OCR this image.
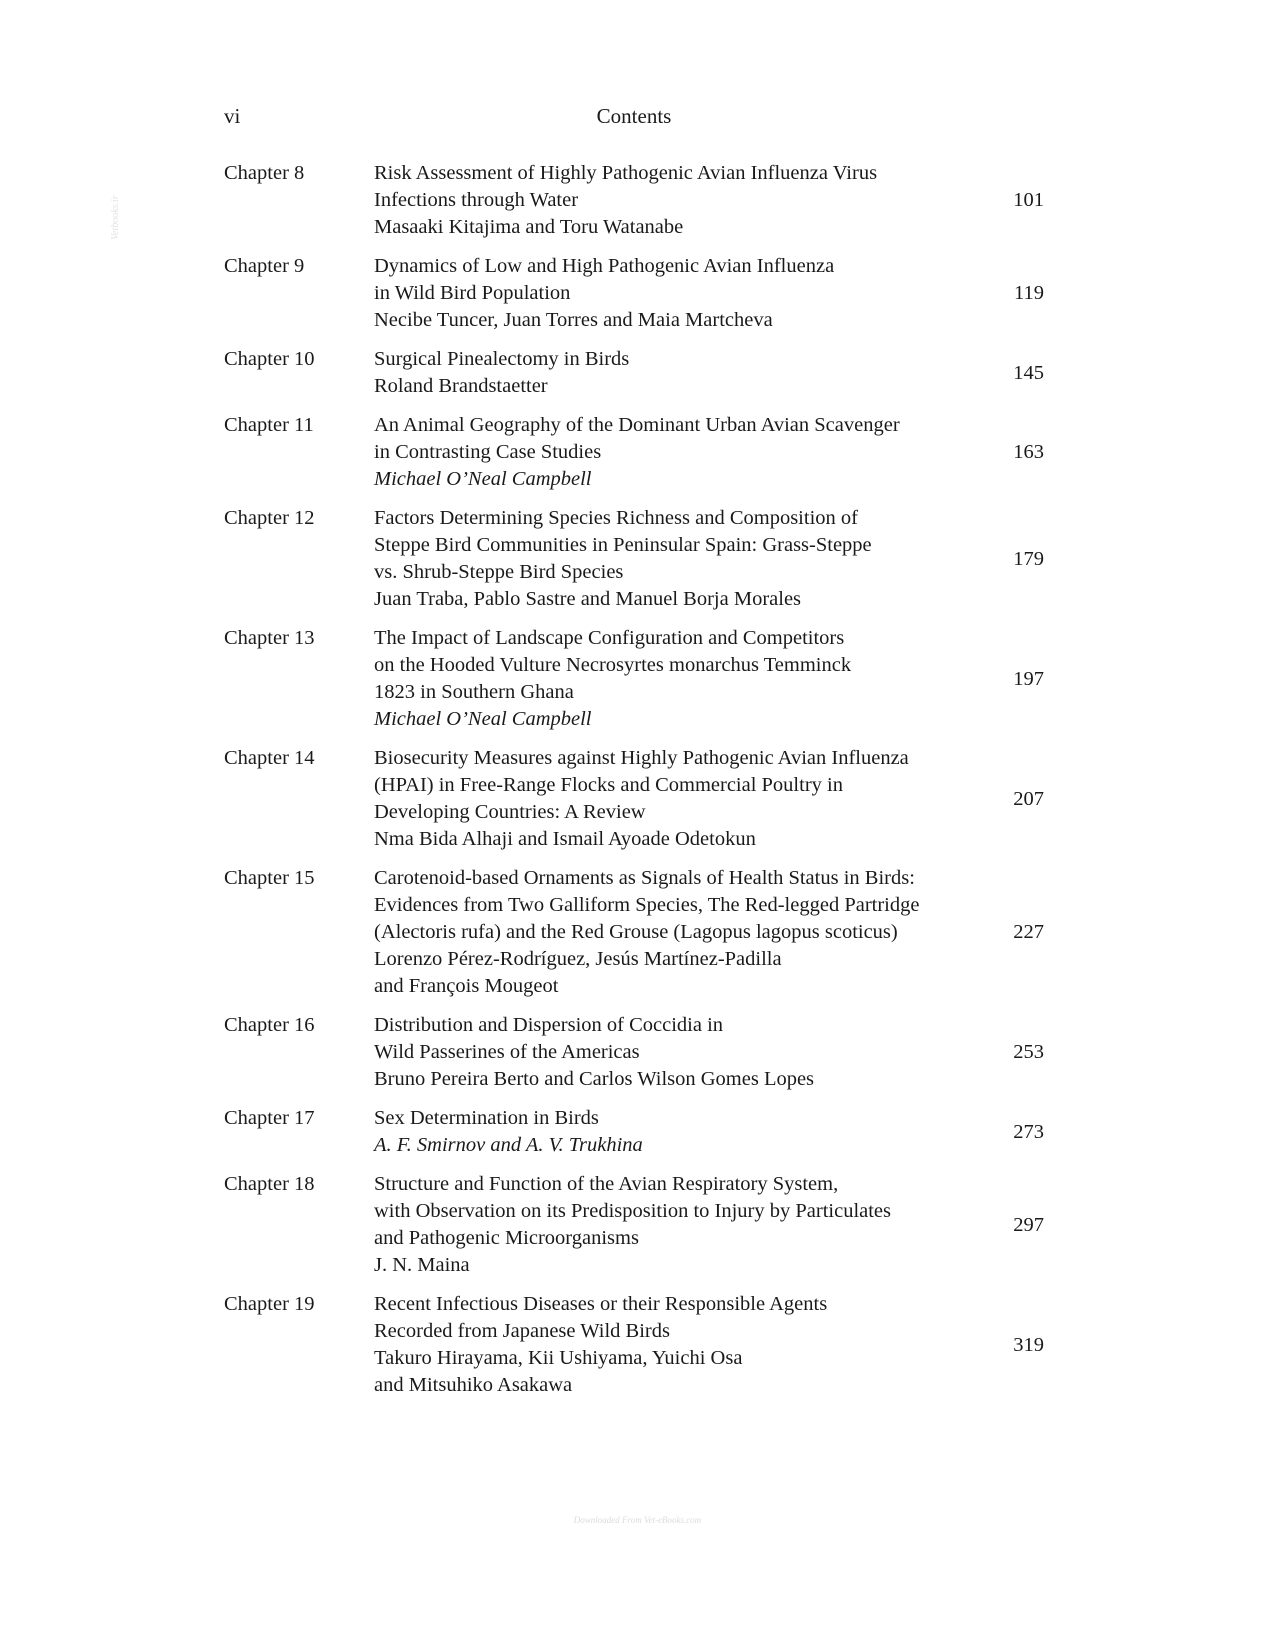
vi	Contents
Vetbooks.ir
Chapter 8	Risk Assessment of Highly Pathogenic Avian Influenza Virus
Infections through Water
Masaaki Kitajima and Toru Watanabe
101
Chapter 9	Dynamics of Low and High Pathogenic Avian Influenza
in Wild Bird Population
Necibe Tuncer, Juan Torres and Maia Martcheva
119
Chapter 10	Surgical Pinealectomy in Birds
Roland Brandstaetter
145
Chapter 11	An Animal Geography of the Dominant Urban Avian Scavenger
in Contrasting Case Studies
Michael O’Neal Campbell
163
Chapter 12	Factors Determining Species Richness and Composition of
Steppe Bird Communities in Peninsular Spain: Grass-Steppe
vs. Shrub-Steppe Bird Species
Juan Traba, Pablo Sastre and Manuel Borja Morales
179
Chapter 13	The Impact of Landscape Configuration and Competitors
on the Hooded Vulture Necrosyrtes monarchus Temminck
1823 in Southern Ghana
Michael O’Neal Campbell
197
Chapter 14	Biosecurity Measures against Highly Pathogenic Avian Influenza
(HPAI) in Free-Range Flocks and Commercial Poultry in
Developing Countries: A Review
Nma Bida Alhaji and Ismail Ayoade Odetokun
207
Chapter 15	Carotenoid-based Ornaments as Signals of Health Status in Birds:
Evidences from Two Galliform Species, The Red-legged Partridge
(Alectoris rufa) and the Red Grouse (Lagopus lagopus scoticus)
Lorenzo Pérez-Rodríguez, Jesús Martínez-Padilla
and François Mougeot
227
Chapter 16	Distribution and Dispersion of Coccidia in
Wild Passerines of the Americas
Bruno Pereira Berto and Carlos Wilson Gomes Lopes
253
Chapter 17	Sex Determination in Birds
A. F. Smirnov and A. V. Trukhina
273
Chapter 18	Structure and Function of the Avian Respiratory System,
with Observation on its Predisposition to Injury by Particulates
and Pathogenic Microorganisms
J. N. Maina
297
Chapter 19	Recent Infectious Diseases or their Responsible Agents
Recorded from Japanese Wild Birds
Takuro Hirayama, Kii Ushiyama, Yuichi Osa
and Mitsuhiko Asakawa
319
Downloaded From Vet-eBooks.com
